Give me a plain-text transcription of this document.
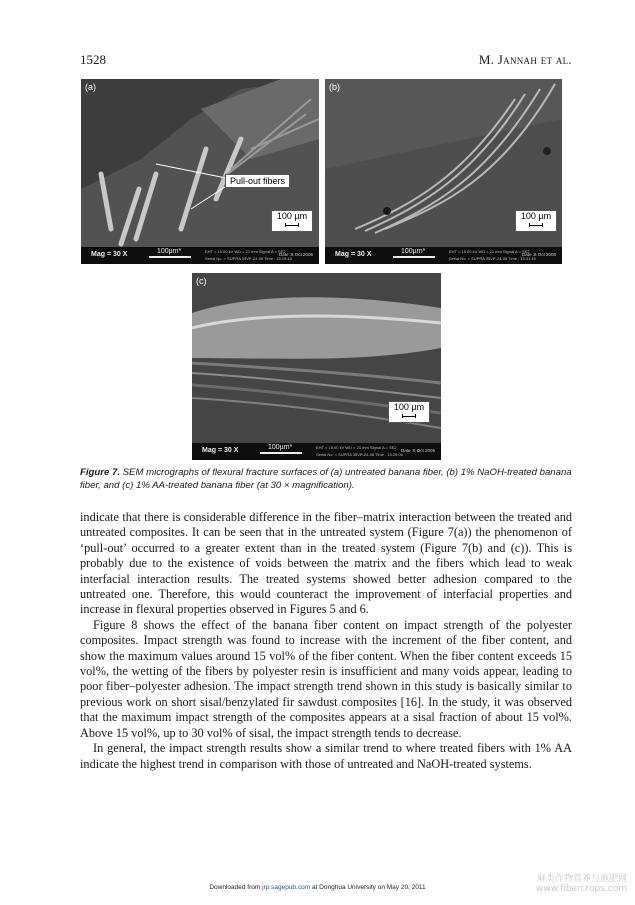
1528	M. Jannah et al.
(a)
Pull-out fibers
100 µm
Mag = 30 X	100µm*	EHT = 15.00 kV WD = 21 mm Signal A = SE2
Serial No. = SUPRA 35VP-24-08 Time : 15:19:43
Date :6 Oct 2006
(b)
100 µm
Mag = 30 X	100µm*	EHT = 15.00 kV WD = 21 mm Signal A = SE2
Serial No. = SUPRA 35VP-24-08 Time : 15:31:45
Date :6 Oct 2006
(c)
100 µm
Mag = 30 X	100µm*	EHT = 15.00 kV WD = 21 mm Signal A = SE2
Serial No. = SUPRA 35VP-24-08 Time : 15:25:06
Date :6 Oct 2006
Figure 7. SEM micrographs of flexural fracture surfaces of (a) untreated banana fiber, (b) 1% NaOH-treated banana fiber, and (c) 1% AA-treated banana fiber (at 30 × magnification).

indicate that there is considerable difference in the fiber–matrix interaction between the treated and untreated composites. It can be seen that in the untreated system (Figure 7(a)) the phenomenon of ‘pull-out’ occurred to a greater extent than in the treated system (Figure 7(b) and (c)). This is probably due to the existence of voids between the matrix and the fibers which lead to weak interfacial interaction results. The treated systems showed better adhesion compared to the untreated one. Therefore, this would counteract the improvement of interfacial properties and increase in flexural properties observed in Figures 5 and 6.

Figure 8 shows the effect of the banana fiber content on impact strength of the polyester composites. Impact strength was found to increase with the increment of the fiber content, and show the maximum values around 15 vol% of the fiber content. When the fiber content exceeds 15 vol%, the wetting of the fibers by polyester resin is insufficient and many voids appear, leading to poor fiber–polyester adhesion. The impact strength trend shown in this study is basically similar to previous work on short sisal/benzylated fir sawdust composites [16]. In the study, it was observed that the maximum impact strength of the composites appears at a sisal fraction of about 15 vol%. Above 15 vol%, up to 30 vol% of sisal, the impact strength tends to decrease.

In general, the impact strength results show a similar trend to where treated fibers with 1% AA indicate the highest trend in comparison with those of untreated and NaOH-treated systems.

Downloaded from jrp.sagepub.com at Donghua University on May 20, 2011
麻类作物营养与施肥网
www.fibercrops.com
